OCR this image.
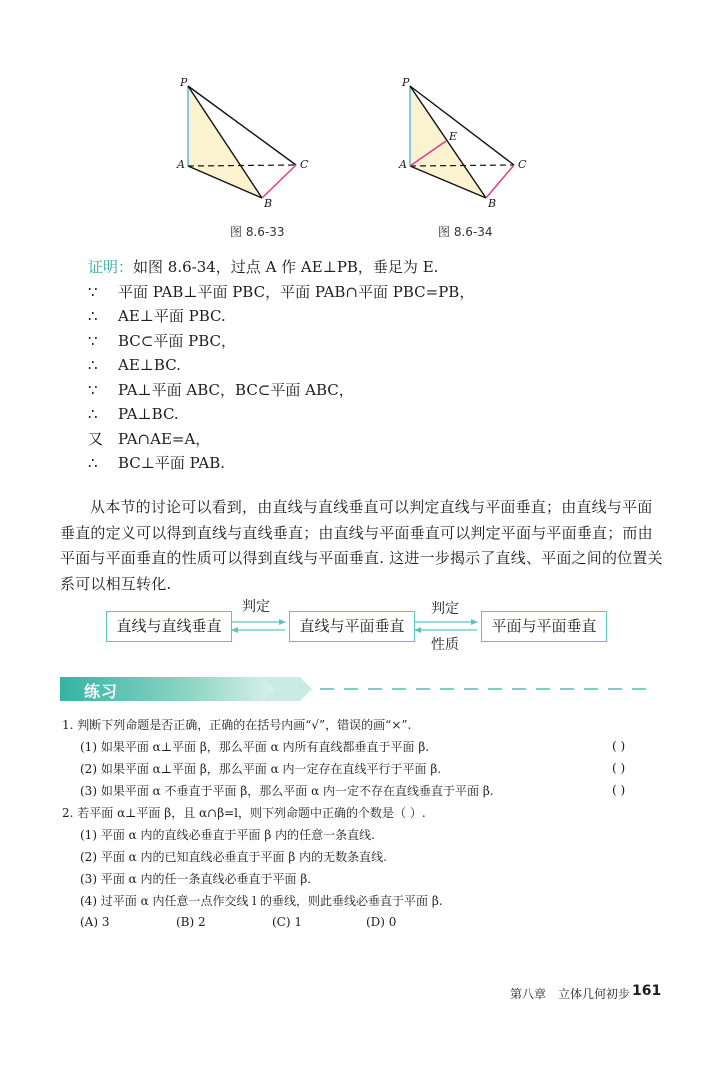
P
A
B
C
图 8.6-33
P
A
B
C
E
图 8.6-34
证明：如图 8.6-34，过点 A 作 AE⊥PB，垂足为 E.
∵ 平面 PAB⊥平面 PBC，平面 PAB∩平面 PBC=PB，
∴ AE⊥平面 PBC.
∵ BC⊂平面 PBC，
∴ AE⊥BC.
∵ PA⊥平面 ABC，BC⊂平面 ABC，
∴ PA⊥BC.
又 PA∩AE=A，
∴ BC⊥平面 PAB.
从本节的讨论可以看到，由直线与直线垂直可以判定直线与平面垂直；由直线与平面垂直的定义可以得到直线与直线垂直；由直线与平面垂直可以判定平面与平面垂直；而由平面与平面垂直的性质可以得到直线与平面垂直. 这进一步揭示了直线、平面之间的位置关系可以相互转化.
直线与直线垂直	直线与平面垂直	平面与平面垂直
判定	判定
性质
练习
1. 判断下列命题是否正确，正确的在括号内画“√”，错误的画“×”.
(1) 如果平面 α⊥平面 β，那么平面 α 内所有直线都垂直于平面 β.	( )
(2) 如果平面 α⊥平面 β，那么平面 α 内一定存在直线平行于平面 β.	( )
(3) 如果平面 α 不垂直于平面 β，那么平面 α 内一定不存在直线垂直于平面 β.	( )
2. 若平面 α⊥平面 β，且 α∩β=l，则下列命题中正确的个数是（ ）.
(1) 平面 α 内的直线必垂直于平面 β 内的任意一条直线.
(2) 平面 α 内的已知直线必垂直于平面 β 内的无数条直线.
(3) 平面 α 内的任一条直线必垂直于平面 β.
(4) 过平面 α 内任意一点作交线 l 的垂线，则此垂线必垂直于平面 β.
(A) 3	(B) 2	(C) 1	(D) 0
第八章　立体几何初步 161
